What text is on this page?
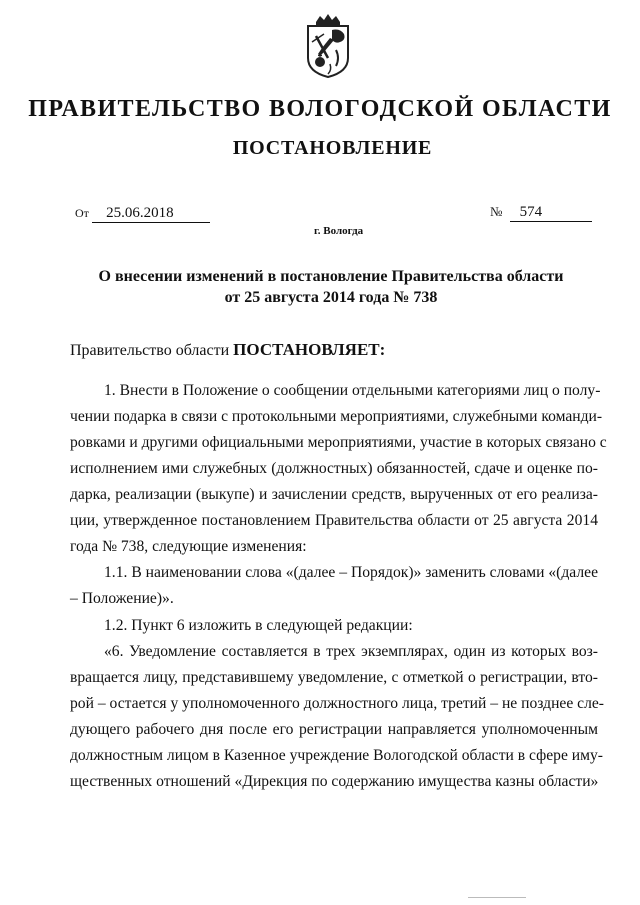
ПРАВИТЕЛЬСТВО ВОЛОГОДСКОЙ ОБЛАСТИ
ПОСТАНОВЛЕНИЕ
От 25.06.2018	№ 574
г. Вологда
О внесении изменений в постановление Правительства области
от 25 августа 2014 года № 738
Правительство области ПОСТАНОВЛЯЕТ:
1. Внести в Положение о сообщении отдельными категориями лиц о полу-
чении подарка в связи с протокольными мероприятиями, служебными команди-
ровками и другими официальными мероприятиями, участие в которых связано с
исполнением ими служебных (должностных) обязанностей, сдаче и оценке по-
дарка, реализации (выкупе) и зачислении средств, вырученных от его реализа-
ции, утвержденное постановлением Правительства области от 25 августа 2014
года № 738, следующие изменения:
1.1. В наименовании слова «(далее – Порядок)» заменить словами «(далее
– Положение)».
1.2. Пункт 6 изложить в следующей редакции:
«6. Уведомление составляется в трех экземплярах, один из которых воз-
вращается лицу, представившему уведомление, с отметкой о регистрации, вто-
рой – остается у уполномоченного должностного лица, третий – не позднее сле-
дующего рабочего дня после его регистрации направляется уполномоченным
должностным лицом в Казенное учреждение Вологодской области в сфере иму-
щественных отношений «Дирекция по содержанию имущества казны области»
